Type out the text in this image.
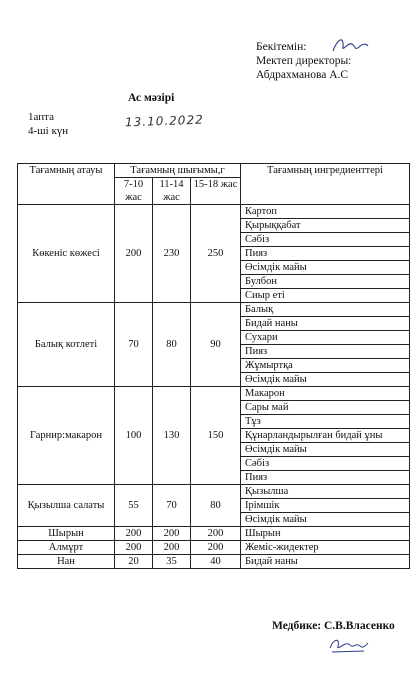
Бекітемін:
Мектеп директоры:
Абдрахманова А.С
Ас мәзірі
1апта
4-ші күн
13.10.2022
Тағамның атауы	Тағамның шығымы,г			Тағамның ингредиенттері
	7-10 жас	11-14 жас	15-18 жас	
Көкеніс көжесі	200	230	250	Картоп
				Қырыққабат
				Сәбіз
				Пияз
				Өсімдік майы
				Булбон
				Сиыр еті
Балық котлеті	70	80	90	Балық
				Бидай наны
				Сухари
				Пияз
				Жұмыртқа
				Өсімдік майы
Гарнир:макарон	100	130	150	Макарон
				Сары май
				Тұз
				Құнарландырылған бидай ұны
				Өсімдік майы
				Сәбіз
				Пияз
Қызылша салаты	55	70	80	Қызылша
				Ірімшік
				Өсімдік майы
Шырын	200	200	200	Шырын
Алмұрт	200	200	200	Жеміс-жидектер
Нан	20	35	40	Бидай наны
Медбике: С.В.Власенко
